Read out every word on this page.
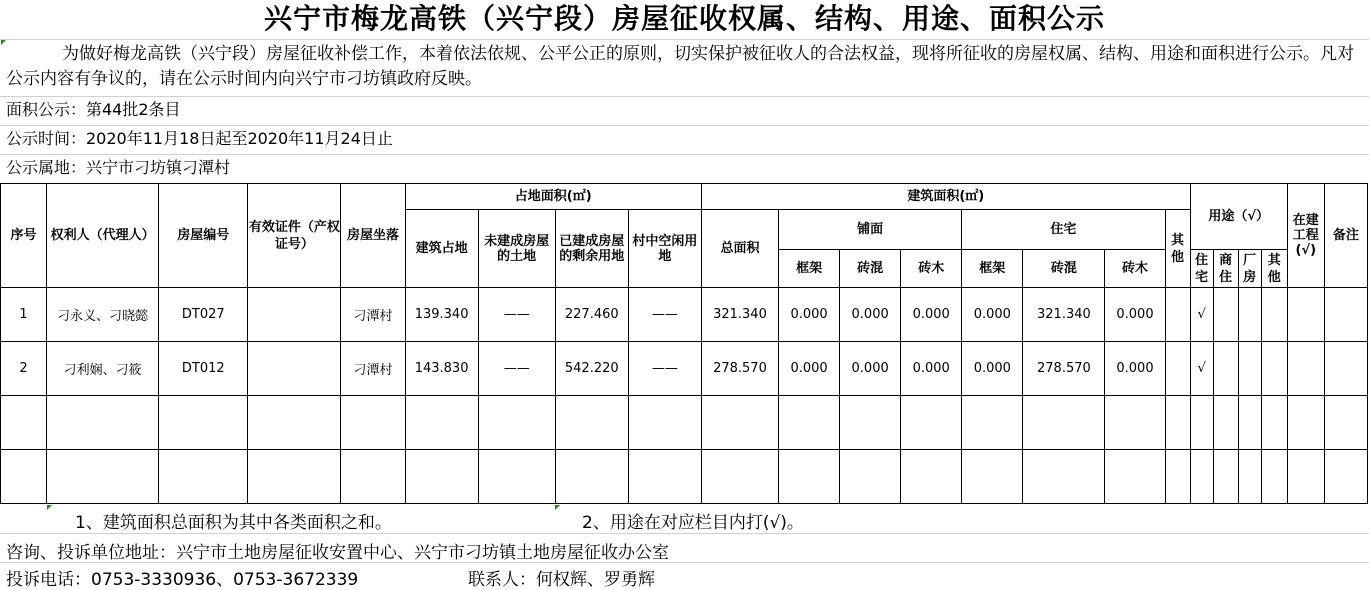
兴宁市梅龙高铁（兴宁段）房屋征收权属、结构、用途、面积公示
为做好梅龙高铁（兴宁段）房屋征收补偿工作，本着依法依规、公平公正的原则，切实保护被征收人的合法权益，现将所征收的房屋权属、结构、用途和面积进行公示。凡对公示内容有争议的，请在公示时间内向兴宁市刁坊镇政府反映。
面积公示：第44批2条目
公示时间：2020年11月18日起至2020年11月24日止
公示属地：兴宁市刁坊镇刁潭村
序号	权利人（代理人）	房屋编号	有效证件（产权证号）	房屋坐落	占地面积(㎡)				建筑面积(㎡)								用途（√）				在建工程(√)	备注
					建筑占地	未建成房屋的土地	已建成房屋的剩余用地	村中空闲用地	总面积	铺面			住宅			其他						
										框架	砖混	砖木	框架	砖混	砖木		住宅	商住	厂房	其他		
1	刁永义、刁晓懿	DT027		刁潭村	139.340	——	227.460	——	321.340	0.000	0.000	0.000	0.000	321.340	0.000		√					
2	刁利娴、刁筱	DT012		刁潭村	143.830	——	542.220	——	278.570	0.000	0.000	0.000	0.000	278.570	0.000		√					

1、建筑面积总面积为其中各类面积之和。	2、用途在对应栏目内打(√)。
咨询、投诉单位地址：兴宁市土地房屋征收安置中心、兴宁市刁坊镇土地房屋征收办公室
投诉电话：0753-3330936、0753-3672339	联系人：何权辉、罗勇辉
